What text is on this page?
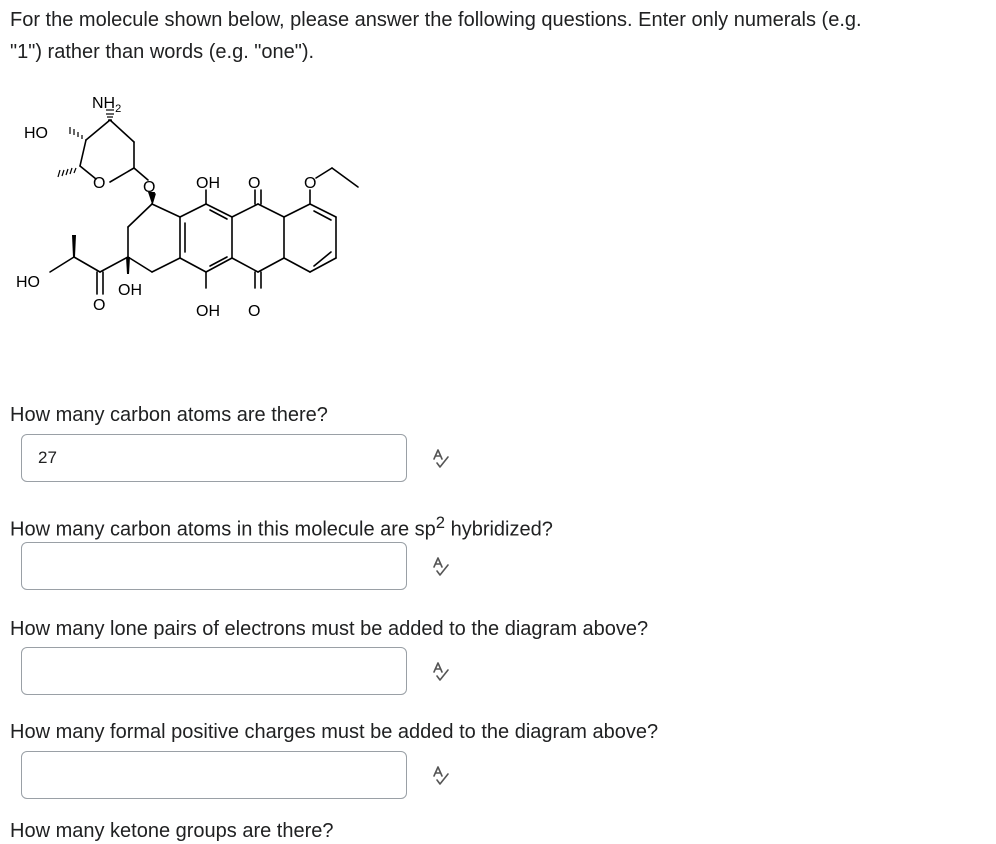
For the molecule shown below, please answer the following questions. Enter only numerals (e.g. "1") rather than words (e.g. "one").

$NH_2$
HO
O O	OH O	O
HO
O
OH
OH O

How many carbon atoms are there?

27

How many carbon atoms in this molecule are $sp^2$ hybridized?

How many lone pairs of electrons must be added to the diagram above?

How many formal positive charges must be added to the diagram above?

How many ketone groups are there?
